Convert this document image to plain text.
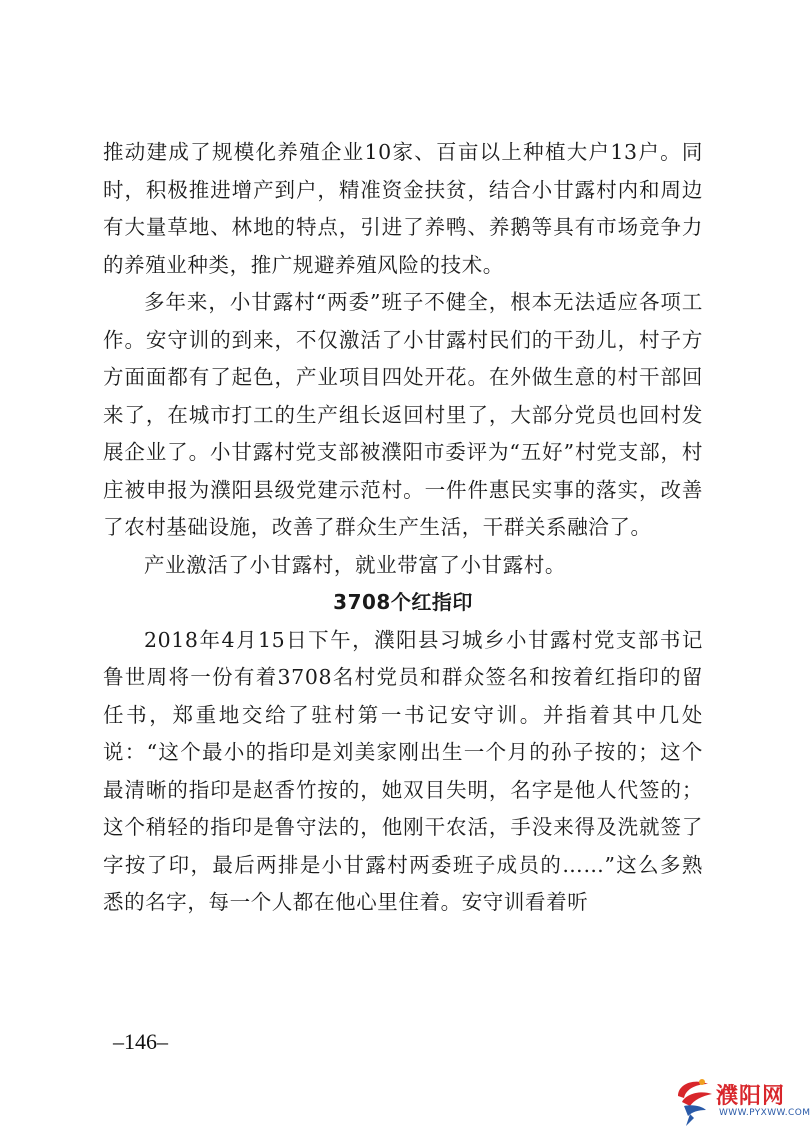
推动建成了规模化养殖企业10家、百亩以上种植大户13户。同时，积极推进增产到户，精准资金扶贫，结合小甘露村内和周边有大量草地、林地的特点，引进了养鸭、养鹅等具有市场竞争力的养殖业种类，推广规避养殖风险的技术。

多年来，小甘露村“两委”班子不健全，根本无法适应各项工作。安守训的到来，不仅激活了小甘露村民们的干劲儿，村子方方面面都有了起色，产业项目四处开花。在外做生意的村干部回来了，在城市打工的生产组长返回村里了，大部分党员也回村发展企业了。小甘露村党支部被濮阳市委评为“五好”村党支部，村庄被申报为濮阳县级党建示范村。一件件惠民实事的落实，改善了农村基础设施，改善了群众生产生活，干群关系融洽了。

产业激活了小甘露村，就业带富了小甘露村。

3708个红指印

2018年4月15日下午，濮阳县习城乡小甘露村党支部书记鲁世周将一份有着3708名村党员和群众签名和按着红指印的留任书，郑重地交给了驻村第一书记安守训。并指着其中几处说：“这个最小的指印是刘美家刚出生一个月的孙子按的；这个最清晰的指印是赵香竹按的，她双目失明，名字是他人代签的；这个稍轻的指印是鲁守法的，他刚干农活，手没来得及洗就签了字按了印，最后两排是小甘露村两委班子成员的……”这么多熟悉的名字，每一个人都在他心里住着。安守训看着听

–146–
濮阳网
WWW.PYXWW.COM
